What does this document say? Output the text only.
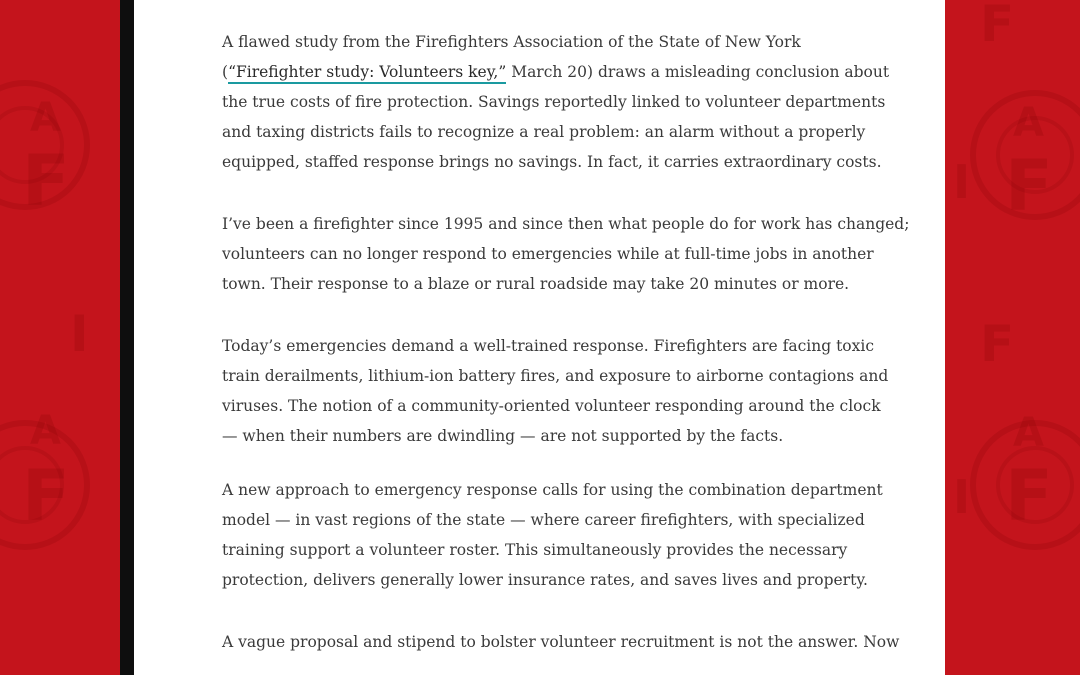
A
F
I
A
F
F
A
F
I
F
A
F
I

A flawed study from the Firefighters Association of the State of New York
(“Firefighter study: Volunteers key,” March 20) draws a misleading conclusion about
the true costs of fire protection. Savings reportedly linked to volunteer departments
and taxing districts fails to recognize a real problem: an alarm without a properly
equipped, staffed response brings no savings. In fact, it carries extraordinary costs.

I’ve been a firefighter since 1995 and since then what people do for work has changed;
volunteers can no longer respond to emergencies while at full-time jobs in another
town. Their response to a blaze or rural roadside may take 20 minutes or more.

Today’s emergencies demand a well-trained response. Firefighters are facing toxic
train derailments, lithium-ion battery fires, and exposure to airborne contagions and
viruses. The notion of a community-oriented volunteer responding around the clock
— when their numbers are dwindling — are not supported by the facts.

A new approach to emergency response calls for using the combination department
model — in vast regions of the state — where career firefighters, with specialized
training support a volunteer roster. This simultaneously provides the necessary
protection, delivers generally lower insurance rates, and saves lives and property.

A vague proposal and stipend to bolster volunteer recruitment is not the answer. Now
